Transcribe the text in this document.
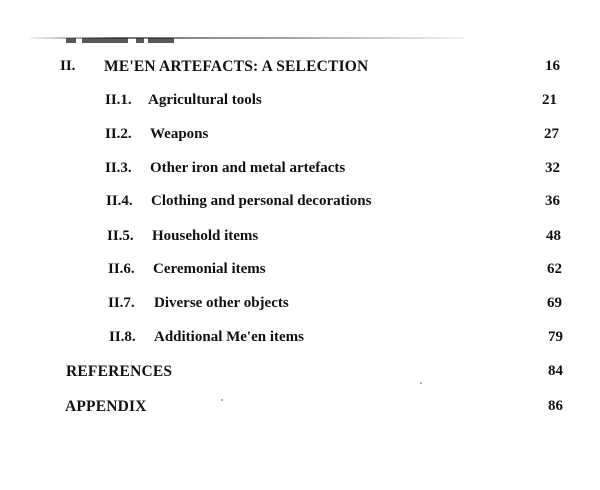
II. ME'EN ARTEFACTS: A SELECTION	16
II.1. Agricultural tools	21
II.2. Weapons	27
II.3. Other iron and metal artefacts	32
II.4. Clothing and personal decorations	36
II.5. Household items	48
II.6. Ceremonial items	62
II.7. Diverse other objects	69
II.8. Additional Me'en items	79
REFERENCES	84
APPENDIX	86
